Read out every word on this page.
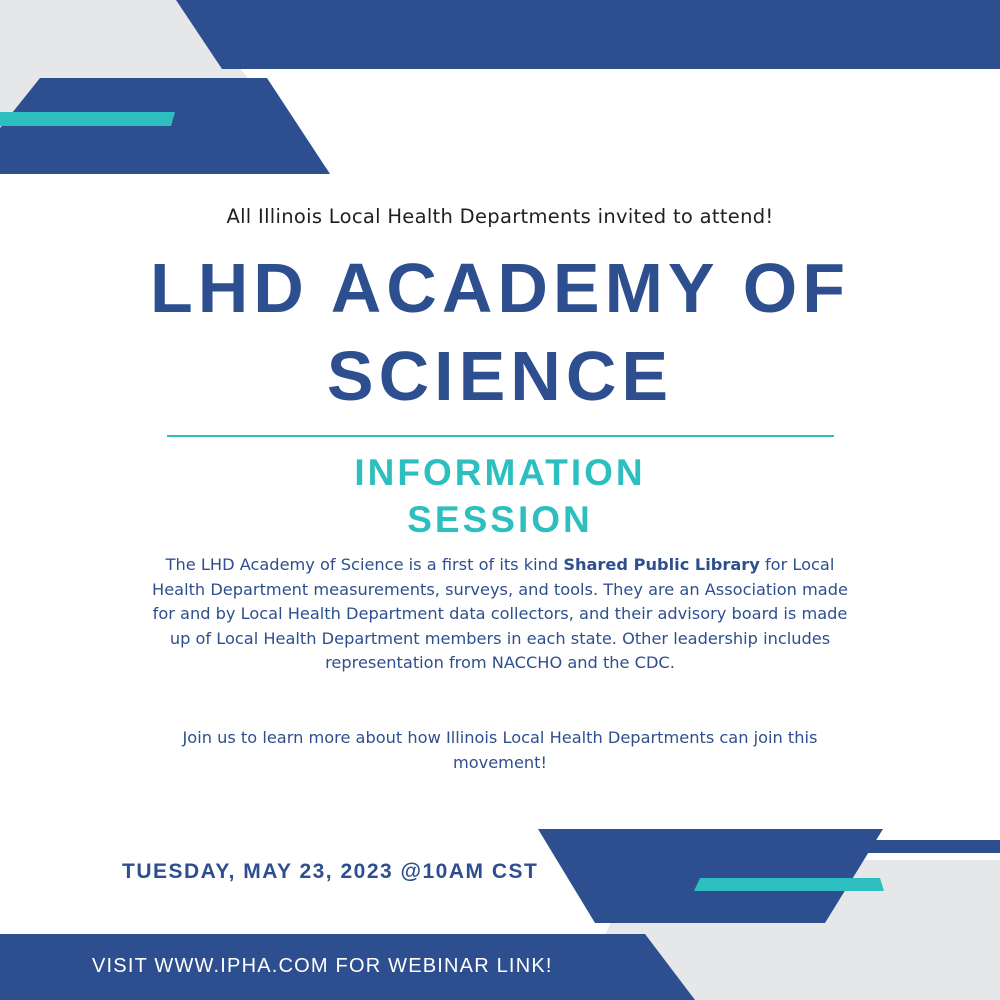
All Illinois Local Health Departments invited to attend!
LHD ACADEMY OF
SCIENCE
INFORMATION
SESSION
The LHD Academy of Science is a first of its kind Shared Public Library for Local Health Department measurements, surveys, and tools. They are an Association made for and by Local Health Department data collectors, and their advisory board is made up of Local Health Department members in each state. Other leadership includes representation from NACCHO and the CDC.
Join us to learn more about how Illinois Local Health Departments can join this movement!
TUESDAY, MAY 23, 2023 @10AM CST
VISIT WWW.IPHA.COM FOR WEBINAR LINK!
